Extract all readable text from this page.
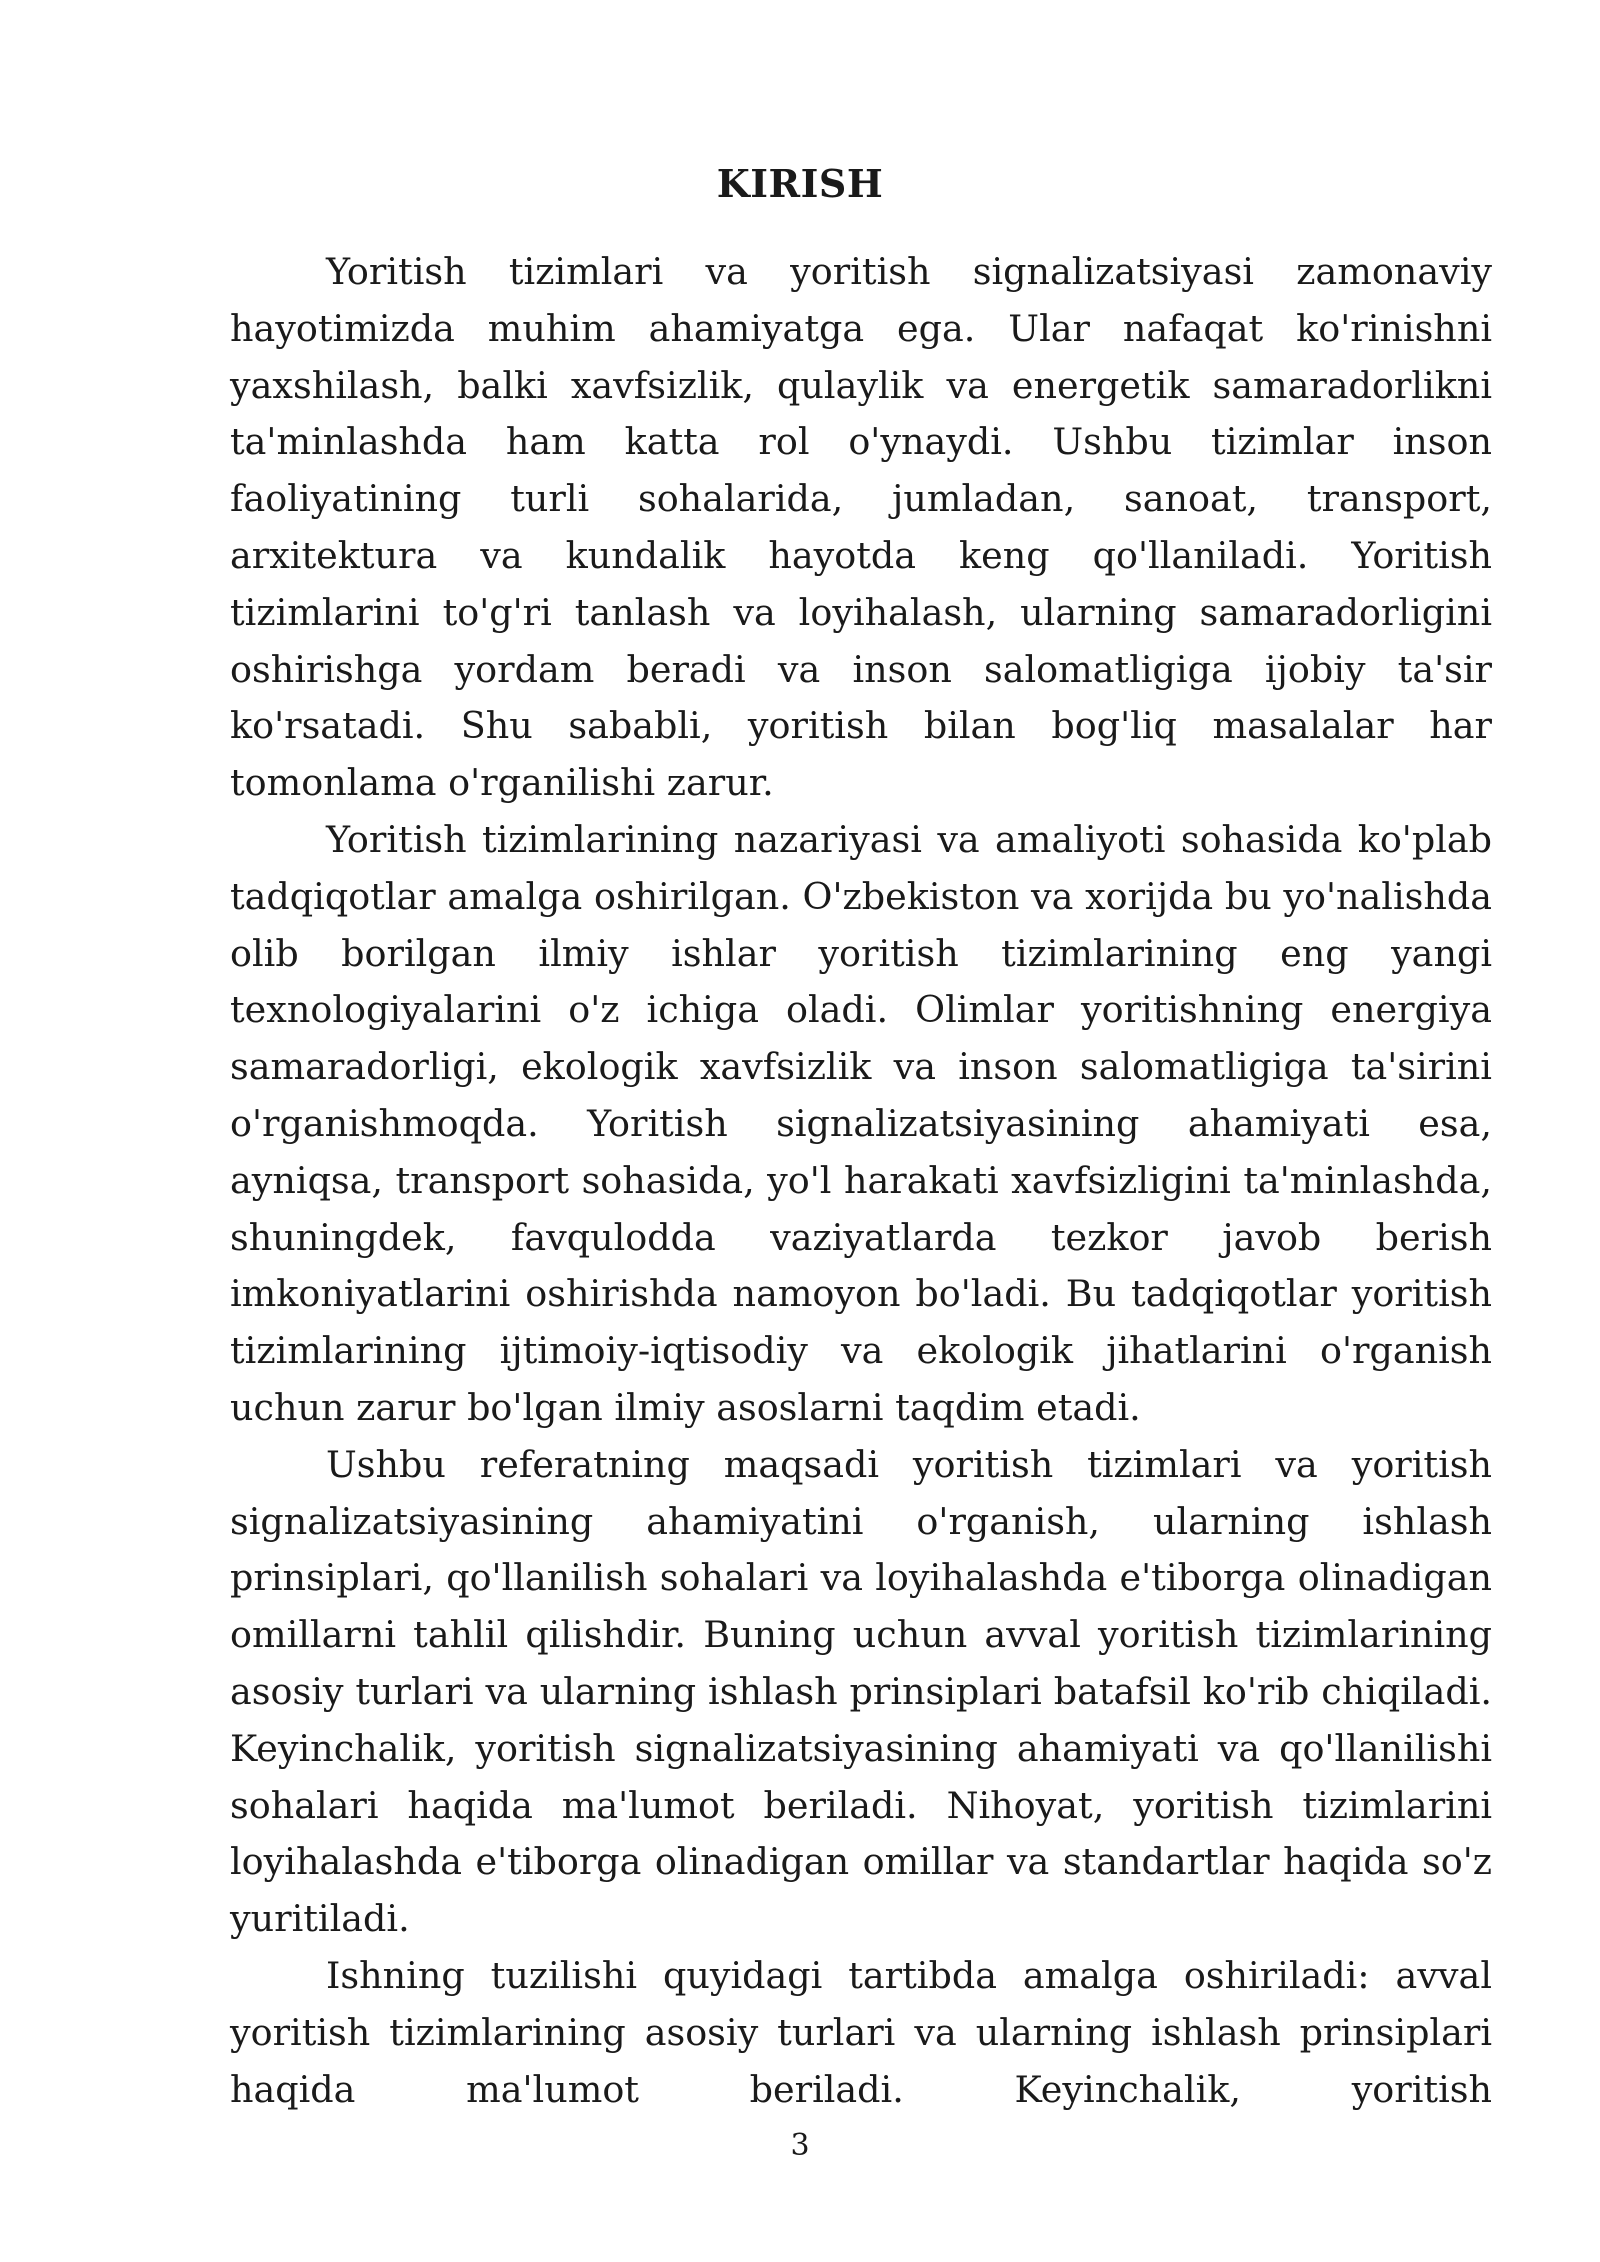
KIRISH

Yoritish tizimlari va yoritish signalizatsiyasi zamonaviy hayotimizda muhim ahamiyatga ega. Ular nafaqat ko'rinishni yaxshilash, balki xavfsizlik, qulaylik va energetik samaradorlikni ta'minlashda ham katta rol o'ynaydi. Ushbu tizimlar inson faoliyatining turli sohalarida, jumladan, sanoat, transport, arxitektura va kundalik hayotda keng qo'llaniladi. Yoritish tizimlarini to'g'ri tanlash va loyihalash, ularning samaradorligini oshirishga yordam beradi va inson salomatligiga ijobiy ta'sir ko'rsatadi. Shu sababli, yoritish bilan bog'liq masalalar har tomonlama o'rganilishi zarur.

Yoritish tizimlarining nazariyasi va amaliyoti sohasida ko'plab tadqiqotlar amalga oshirilgan. O'zbekiston va xorijda bu yo'nalishda olib borilgan ilmiy ishlar yoritish tizimlarining eng yangi texnologiyalarini o'z ichiga oladi. Olimlar yoritishning energiya samaradorligi, ekologik xavfsizlik va inson salomatligiga ta'sirini o'rganishmoqda. Yoritish signalizatsiyasining ahamiyati esa, ayniqsa, transport sohasida, yo'l harakati xavfsizligini ta'minlashda, shuningdek, favqulodda vaziyatlarda tezkor javob berish imkoniyatlarini oshirishda namoyon bo'ladi. Bu tadqiqotlar yoritish tizimlarining ijtimoiy-iqtisodiy va ekologik jihatlarini o'rganish uchun zarur bo'lgan ilmiy asoslarni taqdim etadi.

Ushbu referatning maqsadi yoritish tizimlari va yoritish signalizatsiyasining ahamiyatini o'rganish, ularning ishlash prinsiplari, qo'llanilish sohalari va loyihalashda e'tiborga olinadigan omillarni tahlil qilishdir. Buning uchun avval yoritish tizimlarining asosiy turlari va ularning ishlash prinsiplari batafsil ko'rib chiqiladi. Keyinchalik, yoritish signalizatsiyasining ahamiyati va qo'llanilishi sohalari haqida ma'lumot beriladi. Nihoyat, yoritish tizimlarini loyihalashda e'tiborga olinadigan omillar va standartlar haqida so'z yuritiladi.

Ishning tuzilishi quyidagi tartibda amalga oshiriladi: avval yoritish tizimlarining asosiy turlari va ularning ishlash prinsiplari haqida ma'lumot beriladi. Keyinchalik, yoritish

3
